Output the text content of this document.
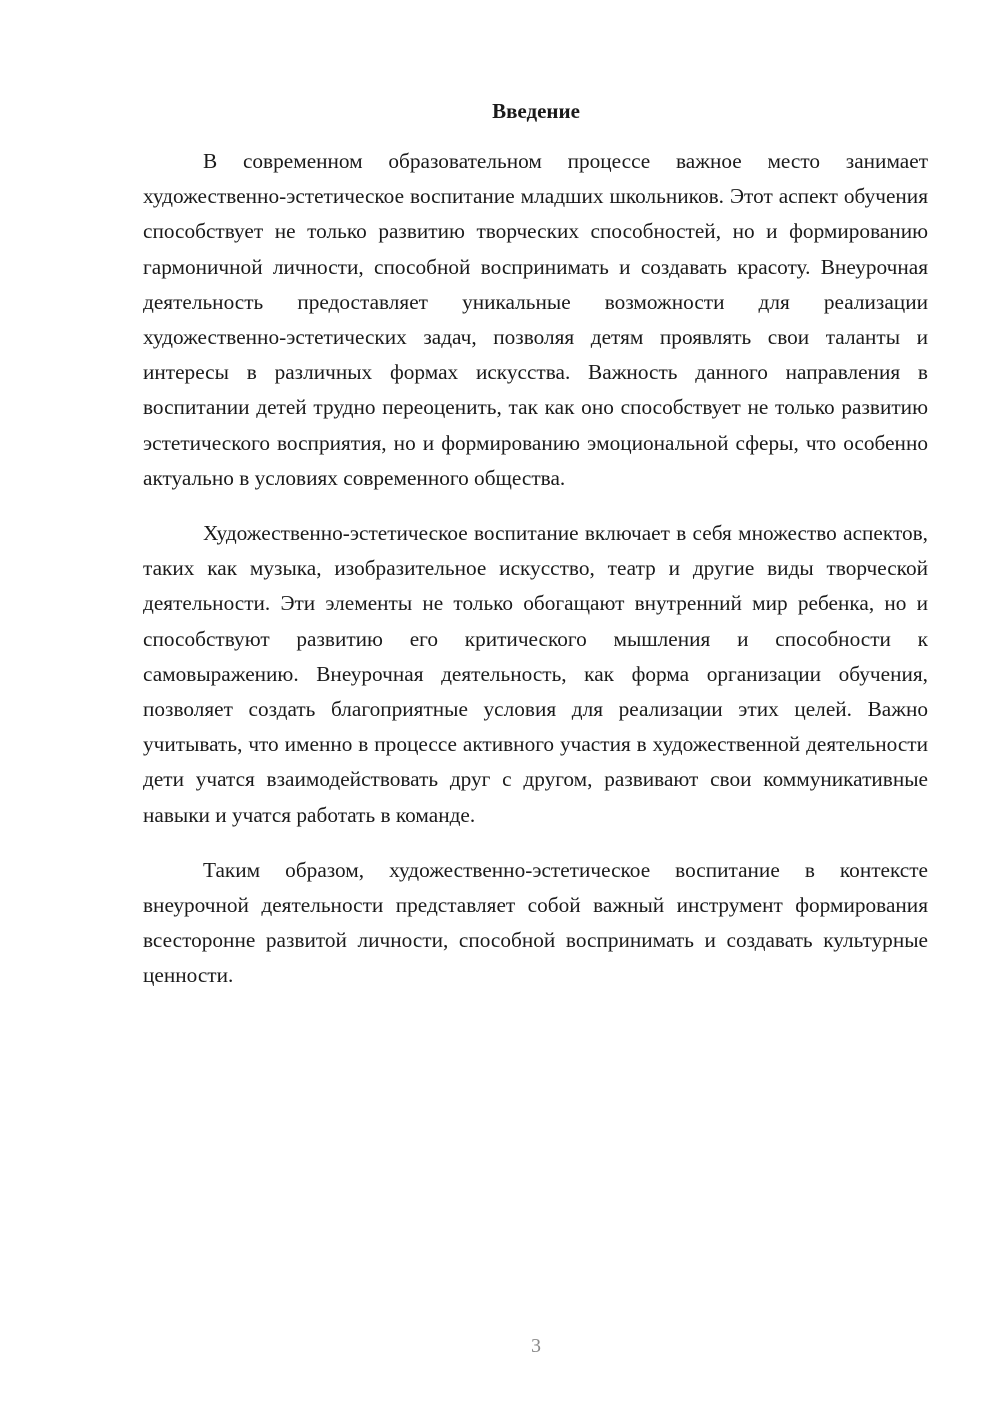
Введение

В современном образовательном процессе важное место занимает художественно-эстетическое воспитание младших школьников. Этот аспект обучения способствует не только развитию творческих способностей, но и формированию гармоничной личности, способной воспринимать и создавать красоту. Внеурочная деятельность предоставляет уникальные возможности для реализации художественно-эстетических задач, позволяя детям проявлять свои таланты и интересы в различных формах искусства. Важность данного направления в воспитании детей трудно переоценить, так как оно способствует не только развитию эстетического восприятия, но и формированию эмоциональной сферы, что особенно актуально в условиях современного общества.

Художественно-эстетическое воспитание включает в себя множество аспектов, таких как музыка, изобразительное искусство, театр и другие виды творческой деятельности. Эти элементы не только обогащают внутренний мир ребенка, но и способствуют развитию его критического мышления и способности к самовыражению. Внеурочная деятельность, как форма организации обучения, позволяет создать благоприятные условия для реализации этих целей. Важно учитывать, что именно в процессе активного участия в художественной деятельности дети учатся взаимодействовать друг с другом, развивают свои коммуникативные навыки и учатся работать в команде.

Таким образом, художественно-эстетическое воспитание в контексте внеурочной деятельности представляет собой важный инструмент формирования всесторонне развитой личности, способной воспринимать и создавать культурные ценности.

3
